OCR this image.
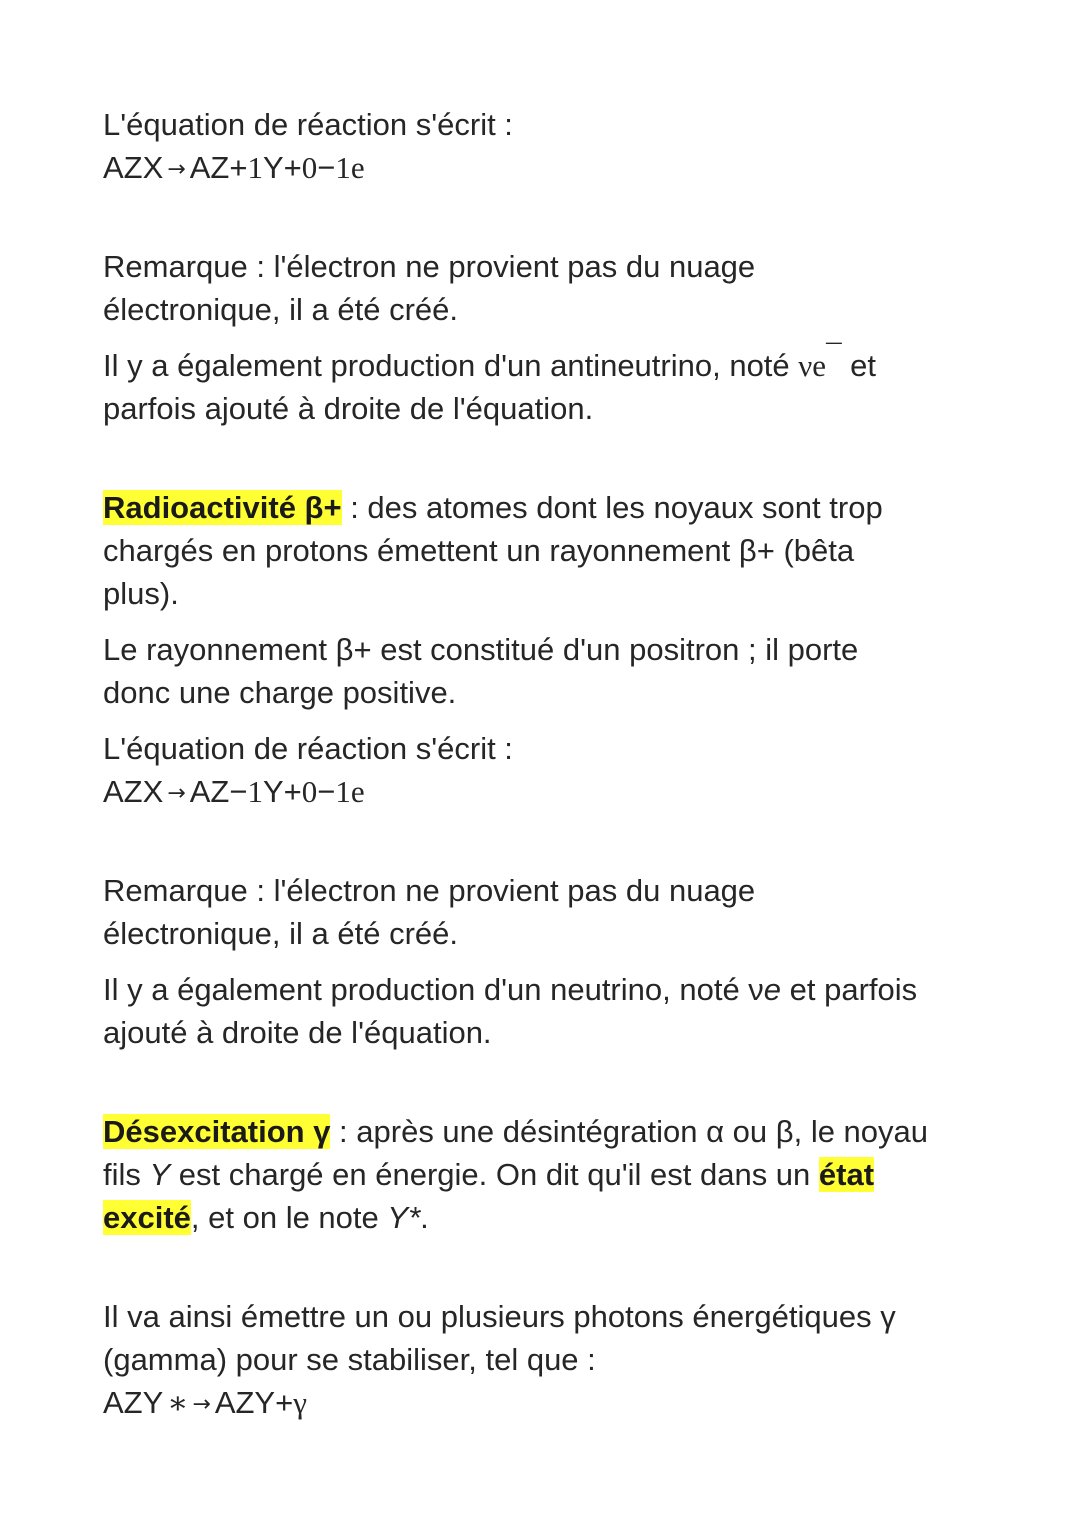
L'équation de réaction s'écrit :

AZX → AZ+1Y+0−1e

Remarque : l'électron ne provient pas du nuage

électronique, il a été créé.

Il y a également production d'un antineutrino, noté νe¯ et

parfois ajouté à droite de l'équation.

Radioactivité β+ : des atomes dont les noyaux sont trop

chargés en protons émettent un rayonnement β+ (bêta

plus).

Le rayonnement β+ est constitué d'un positron ; il porte

donc une charge positive.

L'équation de réaction s'écrit :

AZX → AZ−1Y+0−1e

Remarque : l'électron ne provient pas du nuage

électronique, il a été créé.

Il y a également production d'un neutrino, noté νe et parfois

ajouté à droite de l'équation.

Désexcitation γ : après une désintégration α ou β, le noyau

fils Y est chargé en énergie. On dit qu'il est dans un état

excité, et on le note Y*.

Il va ainsi émettre un ou plusieurs photons énergétiques γ

(gamma) pour se stabiliser, tel que :

AZY ∗ → AZY+γ
